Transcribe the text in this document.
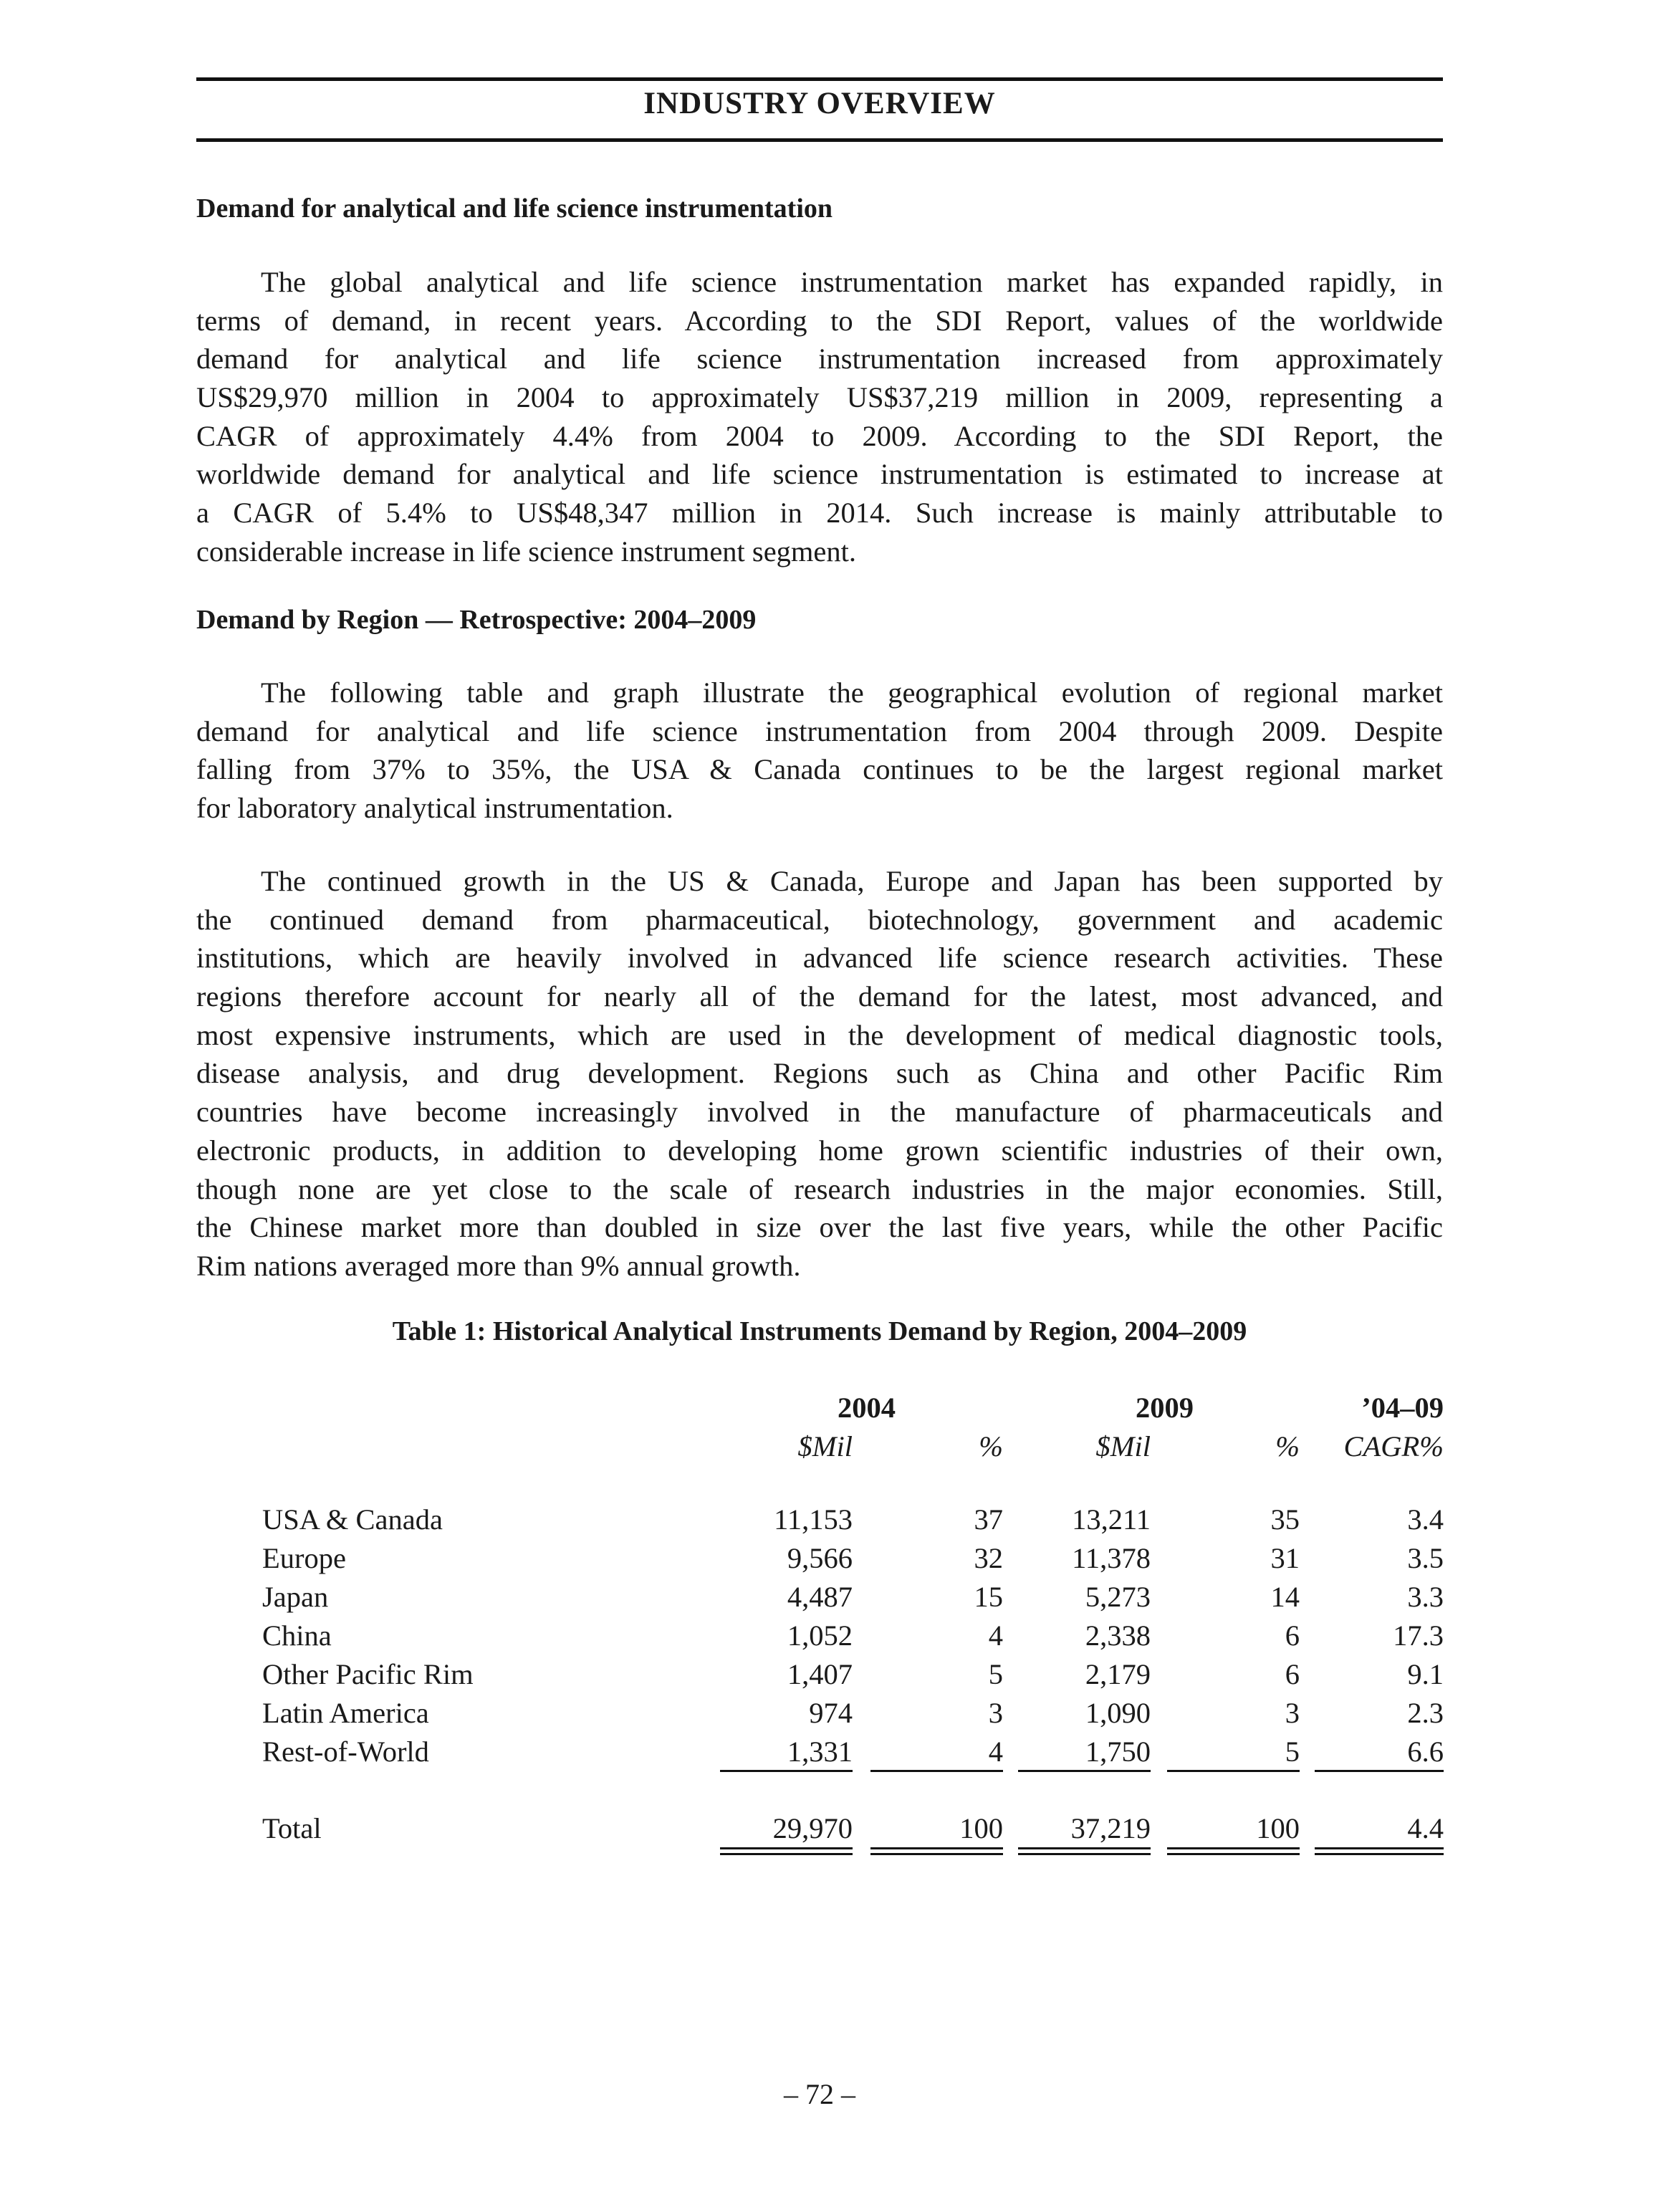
INDUSTRY OVERVIEW
Demand for analytical and life science instrumentation
The global analytical and life science instrumentation market has expanded rapidly, in
terms of demand, in recent years. According to the SDI Report, values of the worldwide
demand for analytical and life science instrumentation increased from approximately
US$29,970 million in 2004 to approximately US$37,219 million in 2009, representing a
CAGR of approximately 4.4% from 2004 to 2009. According to the SDI Report, the
worldwide demand for analytical and life science instrumentation is estimated to increase at
a CAGR of 5.4% to US$48,347 million in 2014. Such increase is mainly attributable to
considerable increase in life science instrument segment.
Demand by Region — Retrospective: 2004–2009
The following table and graph illustrate the geographical evolution of regional market
demand for analytical and life science instrumentation from 2004 through 2009. Despite
falling from 37% to 35%, the USA & Canada continues to be the largest regional market
for laboratory analytical instrumentation.
The continued growth in the US & Canada, Europe and Japan has been supported by
the continued demand from pharmaceutical, biotechnology, government and academic
institutions, which are heavily involved in advanced life science research activities. These
regions therefore account for nearly all of the demand for the latest, most advanced, and
most expensive instruments, which are used in the development of medical diagnostic tools,
disease analysis, and drug development. Regions such as China and other Pacific Rim
countries have become increasingly involved in the manufacture of pharmaceuticals and
electronic products, in addition to developing home grown scientific industries of their own,
though none are yet close to the scale of research industries in the major economies. Still,
the Chinese market more than doubled in size over the last five years, while the other Pacific
Rim nations averaged more than 9% annual growth.
Table 1: Historical Analytical Instruments Demand by Region, 2004–2009
2004	2009	’04–09
$Mil	%	$Mil	%	CAGR%
USA & Canada	11,153	37	13,211	35	3.4
Europe	9,566	32	11,378	31	3.5
Japan	4,487	15	5,273	14	3.3
China	1,052	4	2,338	6	17.3
Other Pacific Rim	1,407	5	2,179	6	9.1
Latin America	974	3	1,090	3	2.3
Rest-of-World	1,331	4	1,750	5	6.6
Total	29,970	100	37,219	100	4.4
– 72 –
